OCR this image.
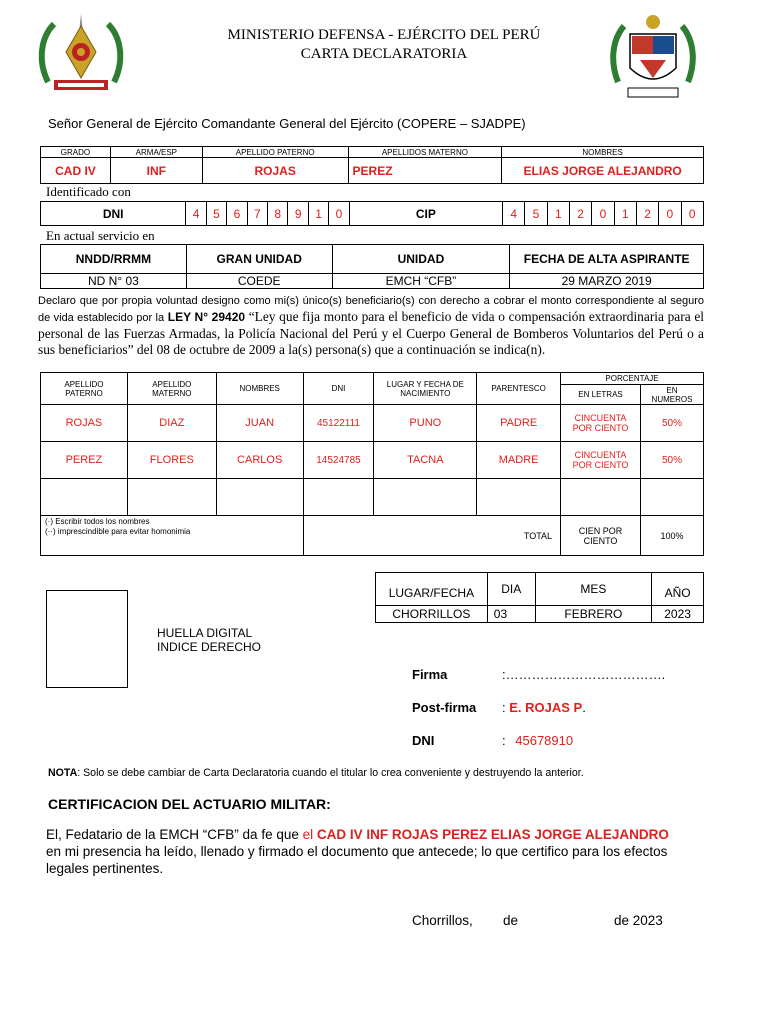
MINISTERIO DEFENSA - EJÉRCITO DEL PERÚ
CARTA DECLARATORIA
Señor General de Ejército Comandante General del Ejército (COPERE – SJADPE)
GRADO	ARMA/ESP	APELLIDO PATERNO	APELLIDOS MATERNO	NOMBRES
CAD IV	INF	ROJAS	PEREZ	ELIAS JORGE ALEJANDRO
Identificado con
DNI	4	5	6	7	8	9	1	0	CIP	4	5	1	2	0	1	2	0	0
En actual servicio en
NNDD/RRMM	GRAN UNIDAD	UNIDAD	FECHA DE ALTA ASPIRANTE
ND N° 03	COEDE	EMCH “CFB”	29 MARZO 2019
Declaro que por propia voluntad designo como mi(s) único(s) beneficiario(s) con derecho a cobrar el monto correspondiente al seguro de vida establecido por la LEY N° 29420 “Ley que fija monto para el beneficio de vida o compensación extraordinaria para el personal de las Fuerzas Armadas, la Policía Nacional del Perú y el Cuerpo General de Bomberos Voluntarios del Perú o a sus beneficiarios” del 08 de octubre de 2009 a la(s) persona(s) que a continuación se indica(n).
APELLIDO PATERNO	APELLIDO MATERNO	NOMBRES	DNI	LUGAR Y FECHA DE NACIMIENTO	PARENTESCO	PORCENTAJE	
						EN LETRAS	EN NUMEROS
ROJAS	DIAZ	JUAN	45122111	PUNO	PADRE	CINCUENTA POR CIENTO	50%
PEREZ	FLORES	CARLOS	14524785	TACNA	MADRE	CINCUENTA POR CIENTO	50%

(·) Escribir todos los nombres
(··) imprescindible para evitar homonimia			TOTAL			CIEN POR CIENTO	100%
LUGAR/FECHA	DIA	MES	AÑO
CHORRILLOS	03	FEBRERO	2023
HUELLA DIGITAL
INDICE DERECHO
Firma	:……………………………….
Post-firma : E. ROJAS P.
DNI	: 45678910
NOTA: Solo se debe cambiar de Carta Declaratoria cuando el titular lo crea conveniente y destruyendo la anterior.
CERTIFICACION DEL ACTUARIO MILITAR:
El, Fedatario de la EMCH “CFB” da fe que el CAD IV INF ROJAS PEREZ ELIAS JORGE ALEJANDRO en mi presencia ha leído, llenado y firmado el documento que antecede; lo que certifico para los efectos legales pertinentes.
Chorrillos, de	de 2023
